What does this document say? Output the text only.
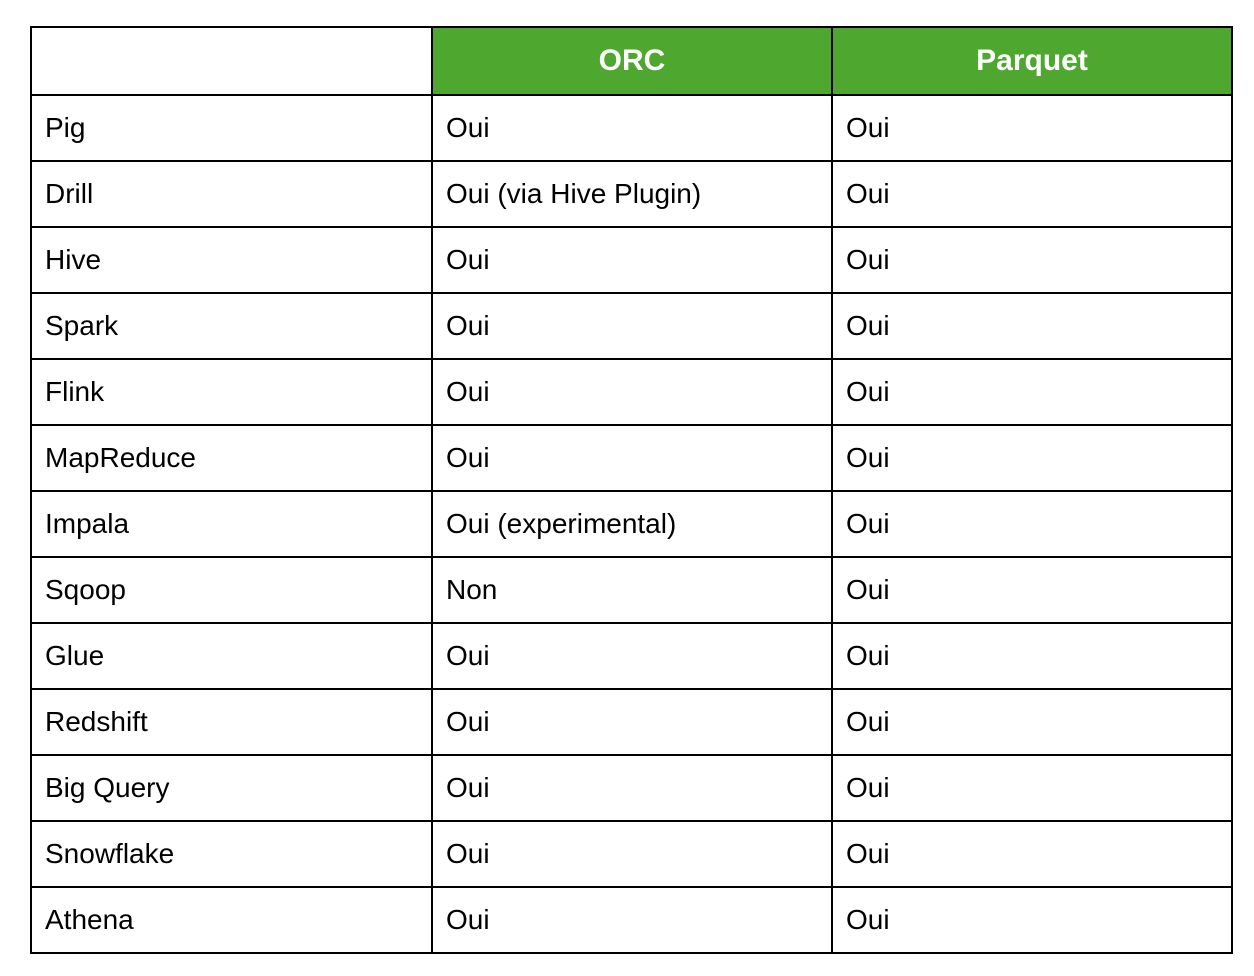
	ORC	Parquet
Pig	Oui	Oui
Drill	Oui (via Hive Plugin)	Oui
Hive	Oui	Oui
Spark	Oui	Oui
Flink	Oui	Oui
MapReduce	Oui	Oui
Impala	Oui (experimental)	Oui
Sqoop	Non	Oui
Glue	Oui	Oui
Redshift	Oui	Oui
Big Query	Oui	Oui
Snowflake	Oui	Oui
Athena	Oui	Oui
